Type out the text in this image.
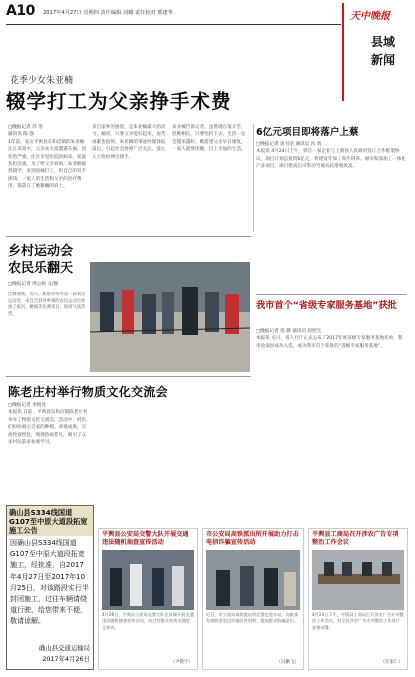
A10 2017年4月27日 星期四 责任编辑 刘璐 责任校对 邢建华	天中晚报
县域
新闻
花季少女朱亚楠
辍学打工为父亲挣手术费
□晚报记者 苏 洛
通讯员 陈 强
1年前，家在平舆县东和店镇的朱亚楠还在读高中，父亲朱大富遭遇车祸，因伤势严重，住在市里医院的病床，家庭负担沉重。为了给父亲看病，朱亚楠毅然辍学，来到县城打工，用自己的双手挣钱，一家人的生活和父亲的治疗费用，都落在了她稚嫩的肩上。
来自家乡的感恩，是朱亚楠最大的动力。她说，只要父亲能好起来，再苦再累也值得。朱亚楠的事迹经媒体报道后，引起社会各界广泛关注，爱心人士纷纷伸出援手。
朱亚楠告诉记者，虽然现在很辛苦，但她相信，只要坚持下去，生活一定会越来越好。她希望父亲早日康复，一家人能够团聚，过上幸福的生活。
6亿元项目即将落户上蔡
□晚报记者 庞书浩 通讯员 冯 勇
本报讯 4月24日上午，郭庄一家企业与上蔡县人民政府签订合作框架协议，项目计划总投资6亿元，将建设年加工肉牛饲养、屠宰和深加工一体化产业项目，项目建成后可带动当地农民增收致富。
我市首个“省级专家服务基地”获批
□晚报记者 徐 静 通讯员 段照生
本报讯 近日，省人社厅正式公布了2017年度省级专家服务基地名单，我市汝南县成功入选，成为我市首个获批的“省级专家服务基地”。
乡村运动会
农民乐翻天
□晚报记者 周公恒 文/图
比赛现场。近日，新蔡县举办第一届农民运动会，来自全县各乡镇的农民运动员参加了拔河、跳绳等比赛项目，现场气氛热烈。
陈老庄村举行物质文化交流会
□晚报记者 李悦亮
本报讯 日前，平舆县东和店镇陈老庄村举办了物质文化交流会，活动中，村民们纷纷展示自家的种植、养殖成果，交流致富经验，现场热闹非凡，吸引了众多村民前来参观学习。
确山县S334线国道G107至中原大道段拓宽施工公告
因确山县S334线国道G107至中原大道段拓宽施工，经批准，自2017年4月27日至2017年10月25日，对该路段实行半封闭施工，过往车辆请绕道行驶，给您带来不便，敬请谅解。
确山县交通运输局
2017年4月26日
平舆县公安局交警大队开展交通违法随机抽查宣传活动
4月26日，平舆县公安局交警大队在县城开展交通违法随机抽查宣传活动，向过往群众宣传交通安全知识。
（尹敬宇）
市公安局高铁派出所开展助力打击电信诈骗宣传活动
近日，市公安局高铁派出所民警走进车站，向旅客发放防范电信诈骗宣传资料，提高群众防骗意识。
（冯鹏飞）
平舆县工商局召开涉农广告专项整治工作会议
4月24日下午，平舆县工商局召开涉农广告专项整治工作会议，对全县涉农广告专项整治工作进行安排部署。
（任家仁）
